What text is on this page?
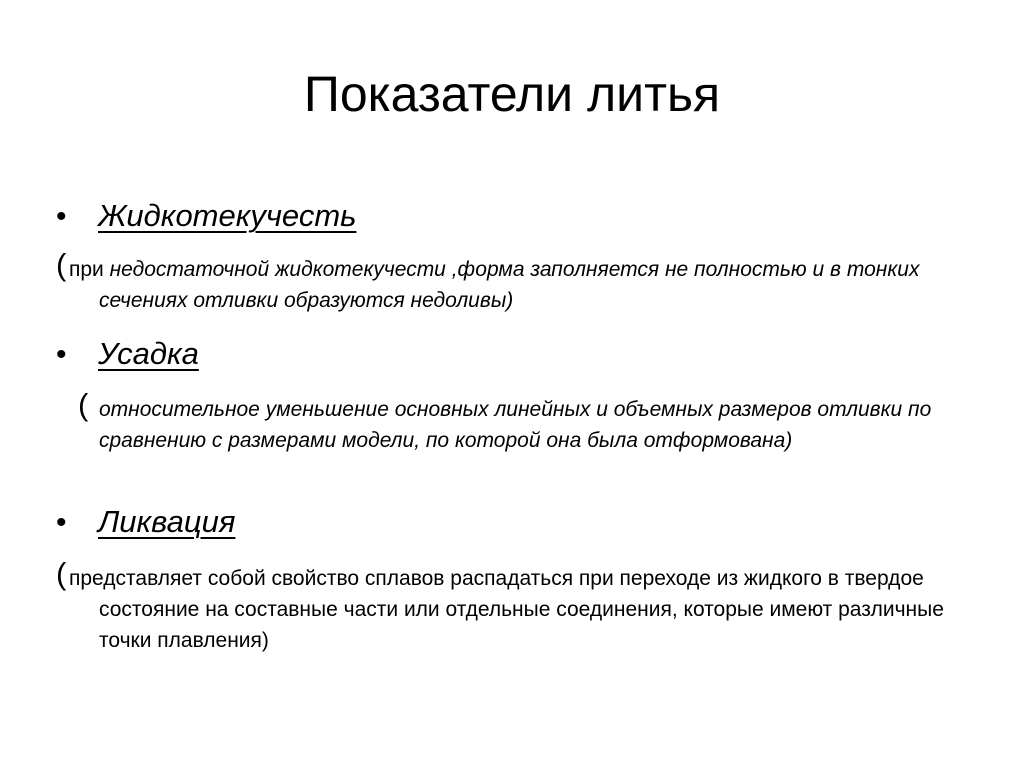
Показатели литья
•	Жидкотекучесть
( при недостаточной жидкотекучести ,форма заполняется не полностью и в тонких сечениях отливки образуются недоливы)
•	Усадка
( относительное уменьшение основных линейных и объемных размеров отливки по сравнению с размерами модели, по которой она была отформована)
•	Ликвация
( представляет собой свойство сплавов распадаться при переходе из жидкого в твердое состояние на составные части или отдельные соединения, которые имеют различные точки плавления)
